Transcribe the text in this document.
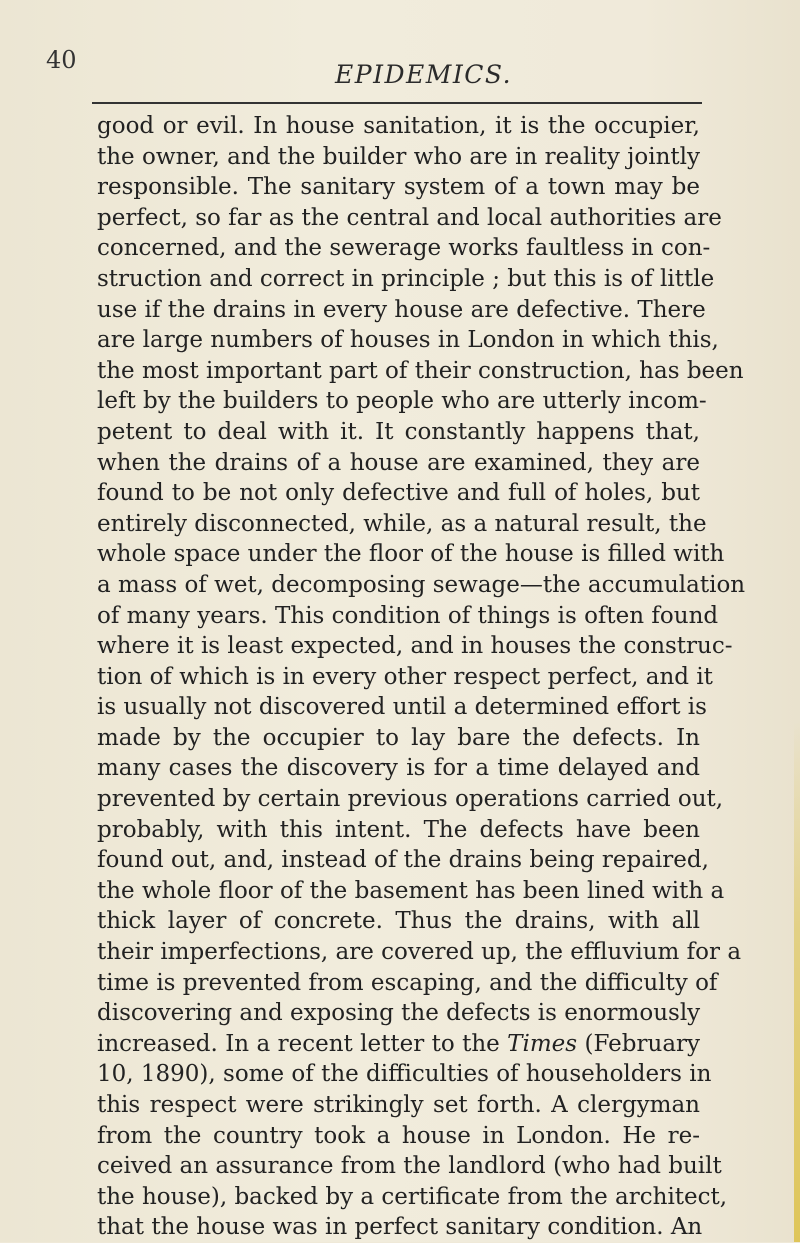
40	EPIDEMICS.
good or evil. In house sanitation, it is the occupier,
the owner, and the builder who are in reality jointly
responsible. The sanitary system of a town may be
perfect, so far as the central and local authorities are
concerned, and the sewerage works faultless in con-
struction and correct in principle ; but this is of little
use if the drains in every house are defective. There
are large numbers of houses in London in which this,
the most important part of their construction, has been
left by the builders to people who are utterly incom-
petent to deal with it. It constantly happens that,
when the drains of a house are examined, they are
found to be not only defective and full of holes, but
entirely disconnected, while, as a natural result, the
whole space under the floor of the house is filled with
a mass of wet, decomposing sewage—the accumulation
of many years. This condition of things is often found
where it is least expected, and in houses the construc-
tion of which is in every other respect perfect, and it
is usually not discovered until a determined effort is
made by the occupier to lay bare the defects. In
many cases the discovery is for a time delayed and
prevented by certain previous operations carried out,
probably, with this intent. The defects have been
found out, and, instead of the drains being repaired,
the whole floor of the basement has been lined with a
thick layer of concrete. Thus the drains, with all
their imperfections, are covered up, the effluvium for a
time is prevented from escaping, and the difficulty of
discovering and exposing the defects is enormously
increased. In a recent letter to the Times (February
10, 1890), some of the difficulties of householders in
this respect were strikingly set forth. A clergyman
from the country took a house in London. He re-
ceived an assurance from the landlord (who had built
the house), backed by a certificate from the architect,
that the house was in perfect sanitary condition. An
